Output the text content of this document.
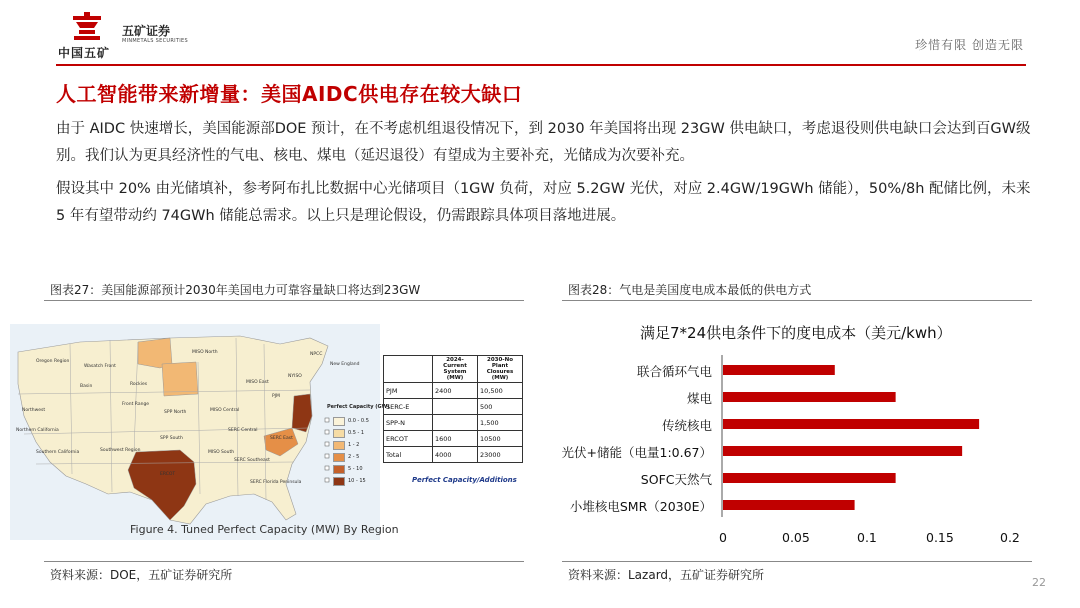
中国五矿
五矿证券
MINMETALS SECURITIES	珍惜有限 创造无限
人工智能带来新增量：美国AIDC供电存在较大缺口
由于 AIDC 快速增长，美国能源部DOE 预计，在不考虑机组退役情况下，到 2030 年美国将出现 23GW 供电缺口，考虑退役则供电缺口会达到百GW级别。我们认为更具经济性的气电、核电、煤电（延迟退役）有望成为主要补充，光储成为次要补充。
假设其中 20% 由光储填补，参考阿布扎比数据中心光储项目（1GW 负荷，对应 5.2GW 光伏，对应 2.4GW/19GWh 储能），50%/8h 配储比例，未来 5 年有望带动约 74GWh 储能总需求。以上只是理论假设，仍需跟踪具体项目落地进展。
图表27：美国能源部预计2030年美国电力可靠容量缺口将达到23GW
Oregon Region
Northwest
Wasatch Front
Northern California
Southern California
Front Range
Southwest Region
SPP North
SPP South
MISO North
MISO Central
MISO South
ERCOT
SERC Central
SERC Southeast
SERC Florida Peninsula
PJM
SERC East
NYISO
New England
NPCC
MISO East
Basin	Rockies
Perfect Capacity (GW)
0.0 - 0.5
0.5 - 1
1 - 2
2 - 5
5 - 10
10 - 15
	2024-Current System (MW)	2030-No Plant Closures (MW)
PJM	2400	10,500
SERC-E		500
SPP-N		1,500
ERCOT	1600	10500
Total	4000	23000
Perfect Capacity/Additions
Figure 4. Tuned Perfect Capacity (MW) By Region
资料来源：DOE，五矿证券研究所
图表28：气电是美国度电成本最低的供电方式
满足7*24供电条件下的度电成本（美元/kwh）
联合循环气电
煤电
传统核电
光伏+储能（电量1:0.67）
SOFC天然气
小堆核电SMR（2030E）
0	0.05	0.1	0.15	0.2
资料来源：Lazard，五矿证券研究所
22
